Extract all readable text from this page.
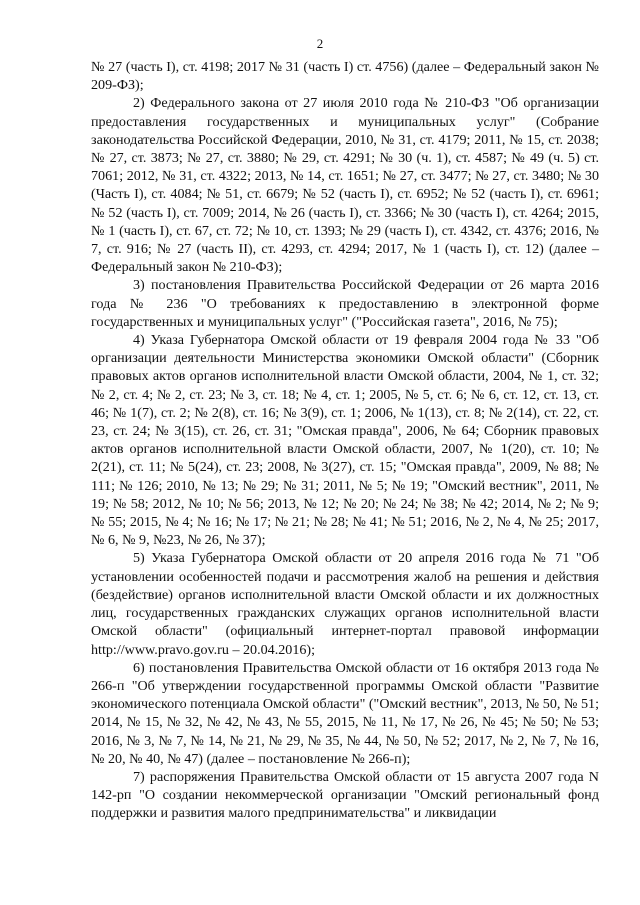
2

№ 27 (часть I), ст. 4198; 2017 № 31 (часть I) ст. 4756) (далее – Федеральный закон № 209-ФЗ);

2) Федерального закона от 27 июля 2010 года № 210-ФЗ "Об организации предоставления государственных и муниципальных услуг" (Собрание законодательства Российской Федерации, 2010, № 31, ст. 4179; 2011, № 15, ст. 2038; № 27, ст. 3873; № 27, ст. 3880; № 29, ст. 4291; № 30 (ч. 1), ст. 4587; № 49 (ч. 5) ст. 7061; 2012, № 31, ст. 4322; 2013, № 14, ст. 1651; № 27, ст. 3477; № 27, ст. 3480; № 30 (Часть I), ст. 4084; № 51, ст. 6679; № 52 (часть I), ст. 6952; № 52 (часть I), ст. 6961; № 52 (часть I), ст. 7009; 2014, № 26 (часть I), ст. 3366; № 30 (часть I), ст. 4264; 2015, № 1 (часть I), ст. 67, ст. 72; № 10, ст. 1393; № 29 (часть I), ст. 4342, ст. 4376; 2016, № 7, ст. 916; № 27 (часть II), ст. 4293, ст. 4294; 2017, № 1 (часть I), ст. 12) (далее – Федеральный закон № 210-ФЗ);

3) постановления Правительства Российской Федерации от 26 марта 2016 года № 236 "О требованиях к предоставлению в электронной форме государственных и муниципальных услуг" ("Российская газета", 2016, № 75);

4) Указа Губернатора Омской области от 19 февраля 2004 года № 33 "Об организации деятельности Министерства экономики Омской области" (Сборник правовых актов органов исполнительной власти Омской области, 2004, № 1, ст. 32; № 2, ст. 4; № 2, ст. 23; № 3, ст. 18; № 4, ст. 1; 2005, № 5, ст. 6; № 6, ст. 12, ст. 13, ст. 46; № 1(7), ст. 2; № 2(8), ст. 16; № 3(9), ст. 1; 2006, № 1(13), ст. 8; № 2(14), ст. 22, ст. 23, ст. 24; № 3(15), ст. 26, ст. 31; "Омская правда", 2006, № 64; Сборник правовых актов органов исполнительной власти Омской области, 2007, № 1(20), ст. 10; № 2(21), ст. 11; № 5(24), ст. 23; 2008, № 3(27), ст. 15; "Омская правда", 2009, № 88; № 111; № 126; 2010, № 13; № 29; № 31; 2011, № 5; № 19; "Омский вестник", 2011, № 19; № 58; 2012, № 10; № 56; 2013, № 12; № 20; № 24; № 38; № 42; 2014, № 2; № 9; № 55; 2015, № 4; № 16; № 17; № 21; № 28; № 41; № 51; 2016, № 2, № 4, № 25; 2017, № 6, № 9, №23, № 26, № 37);

5) Указа Губернатора Омской области от 20 апреля 2016 года № 71 "Об установлении особенностей подачи и рассмотрения жалоб на решения и действия (бездействие) органов исполнительной власти Омской области и их должностных лиц, государственных гражданских служащих органов исполнительной власти Омской области" (официальный интернет-портал правовой информации http://www.pravo.gov.ru – 20.04.2016);

6) постановления Правительства Омской области от 16 октября 2013 года № 266-п "Об утверждении государственной программы Омской области "Развитие экономического потенциала Омской области" ("Омский вестник", 2013, № 50, № 51; 2014, № 15, № 32, № 42, № 43, № 55, 2015, № 11, № 17, № 26, № 45; № 50; № 53; 2016, № 3, № 7, № 14, № 21, № 29, № 35, № 44, № 50, № 52; 2017, № 2, № 7, № 16, № 20, № 40, № 47) (далее – постановление № 266-п);

7) распоряжения Правительства Омской области от 15 августа 2007 года N 142-рп "О создании некоммерческой организации "Омский региональный фонд поддержки и развития малого предпринимательства" и ликвидации
